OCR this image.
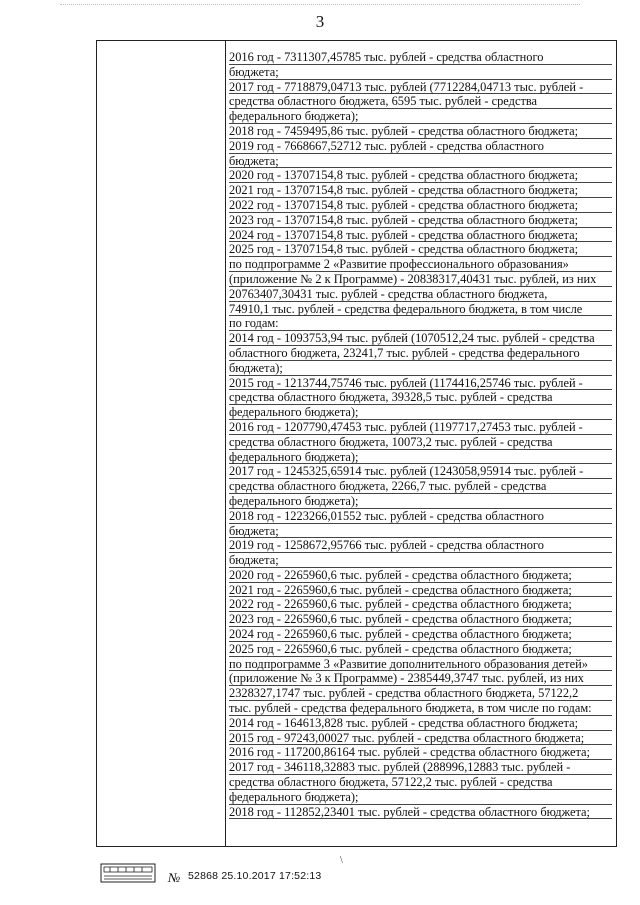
3
2016 год - 7311307,45785 тыс. рублей - средства областного
бюджета;
2017 год - 7718879,04713 тыс. рублей (7712284,04713 тыс. рублей -
средства областного бюджета, 6595 тыс. рублей - средства
федерального бюджета);
2018 год - 7459495,86 тыс. рублей - средства областного бюджета;
2019 год - 7668667,52712 тыс. рублей - средства областного
бюджета;
2020 год - 13707154,8 тыс. рублей - средства областного бюджета;
2021 год - 13707154,8 тыс. рублей - средства областного бюджета;
2022 год - 13707154,8 тыс. рублей - средства областного бюджета;
2023 год - 13707154,8 тыс. рублей - средства областного бюджета;
2024 год - 13707154,8 тыс. рублей - средства областного бюджета;
2025 год - 13707154,8 тыс. рублей - средства областного бюджета;
по подпрограмме 2 «Развитие профессионального образования»
(приложение № 2 к Программе) - 20838317,40431 тыс. рублей, из них
20763407,30431 тыс. рублей - средства областного бюджета,
74910,1 тыс. рублей - средства федерального бюджета, в том числе
по годам:
2014 год - 1093753,94 тыс. рублей (1070512,24 тыс. рублей - средства
областного бюджета, 23241,7 тыс. рублей - средства федерального
бюджета);
2015 год - 1213744,75746 тыс. рублей (1174416,25746 тыс. рублей -
средства областного бюджета, 39328,5 тыс. рублей - средства
федерального бюджета);
2016 год - 1207790,47453 тыс. рублей (1197717,27453 тыс. рублей -
средства областного бюджета, 10073,2 тыс. рублей - средства
федерального бюджета);
2017 год - 1245325,65914 тыс. рублей (1243058,95914 тыс. рублей -
средства областного бюджета, 2266,7 тыс. рублей - средства
федерального бюджета);
2018 год - 1223266,01552 тыс. рублей - средства областного
бюджета;
2019 год - 1258672,95766 тыс. рублей - средства областного
бюджета;
2020 год - 2265960,6 тыс. рублей - средства областного бюджета;
2021 год - 2265960,6 тыс. рублей - средства областного бюджета;
2022 год - 2265960,6 тыс. рублей - средства областного бюджета;
2023 год - 2265960,6 тыс. рублей - средства областного бюджета;
2024 год - 2265960,6 тыс. рублей - средства областного бюджета;
2025 год - 2265960,6 тыс. рублей - средства областного бюджета;
по подпрограмме 3 «Развитие дополнительного образования детей»
(приложение № 3 к Программе) - 2385449,3747 тыс. рублей, из них
2328327,1747 тыс. рублей - средства областного бюджета, 57122,2
тыс. рублей - средства федерального бюджета, в том числе по годам:
2014 год - 164613,828 тыс. рублей - средства областного бюджета;
2015 год - 97243,00027 тыс. рублей - средства областного бюджета;
2016 год - 117200,86164 тыс. рублей - средства областного бюджета;
2017 год - 346118,32883 тыс. рублей (288996,12883 тыс. рублей -
средства областного бюджета, 57122,2 тыс. рублей - средства
федерального бюджета);
2018 год - 112852,23401 тыс. рублей - средства областного бюджета;
№ 52868 25.10.2017 17:52:13
\
